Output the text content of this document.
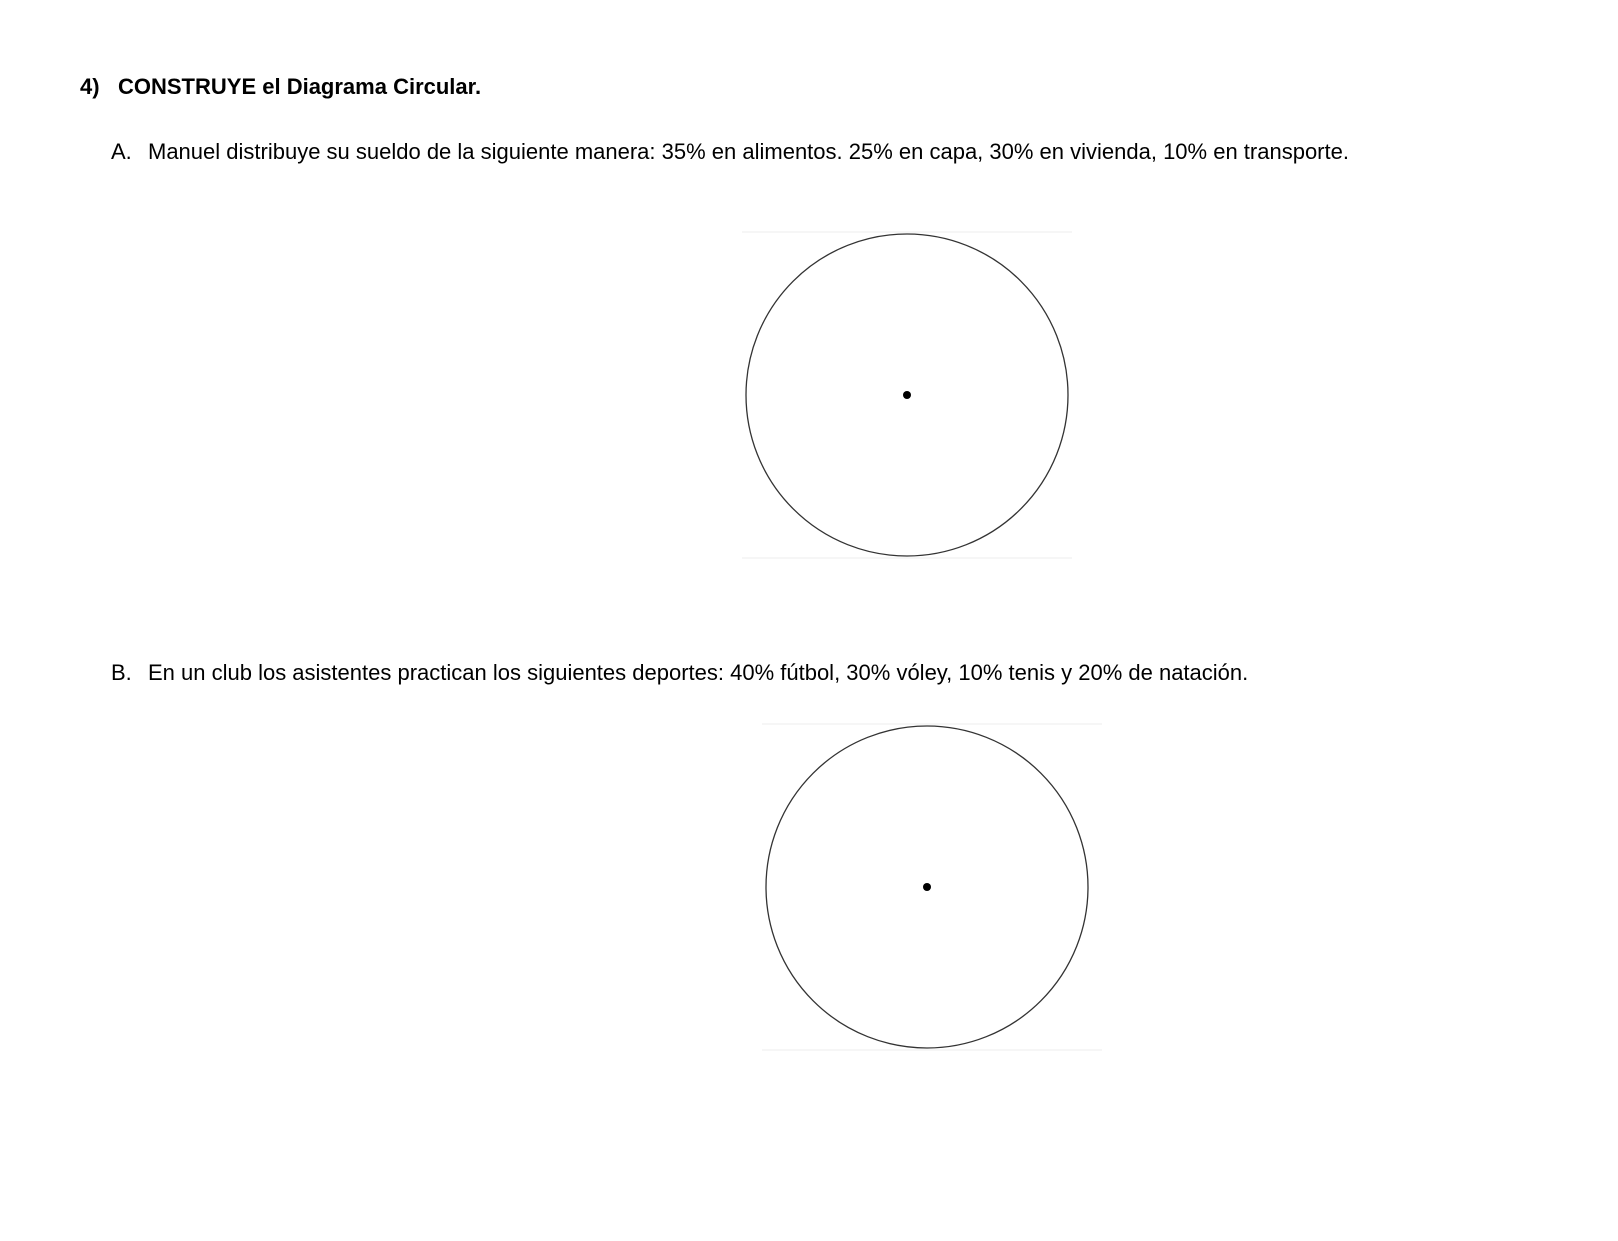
4) CONSTRUYE el Diagrama Circular.
A. Manuel distribuye su sueldo de la siguiente manera: 35% en alimentos. 25% en capa, 30% en vivienda, 10% en transporte.
B. En un club los asistentes practican los siguientes deportes: 40% fútbol, 30% vóley, 10% tenis y 20% de natación.
